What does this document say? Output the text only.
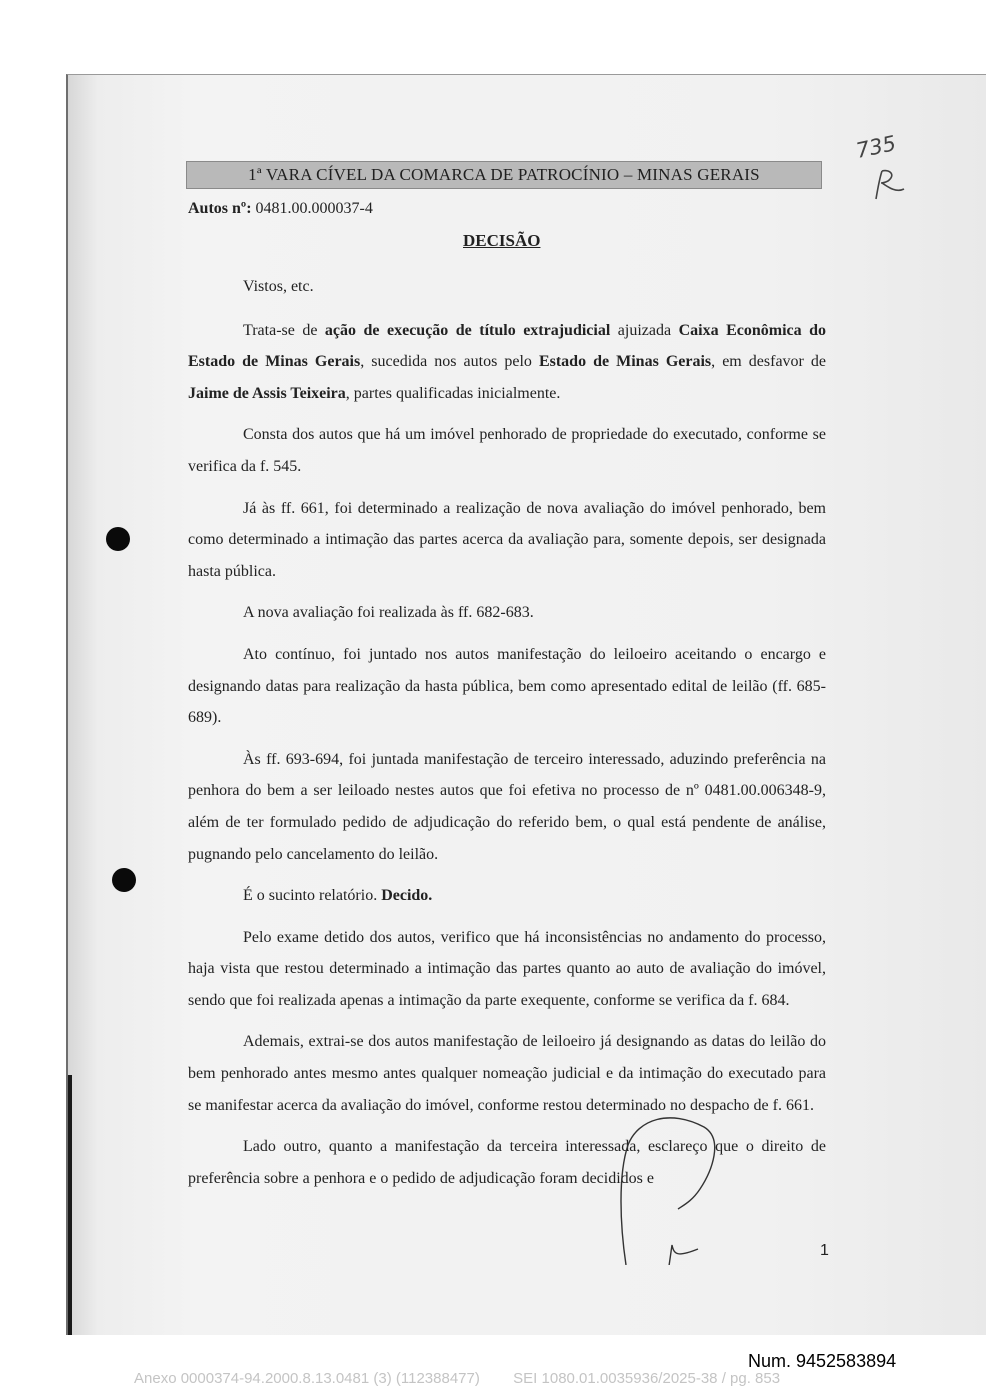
735
1ª VARA CÍVEL DA COMARCA DE PATROCÍNIO – MINAS GERAIS
Autos nº: 0481.00.000037-4
DECISÃO

Vistos, etc.

Trata-se de ação de execução de título extrajudicial ajuizada Caixa Econômica do Estado de Minas Gerais, sucedida nos autos pelo Estado de Minas Gerais, em desfavor de Jaime de Assis Teixeira, partes qualificadas inicialmente.

Consta dos autos que há um imóvel penhorado de propriedade do executado, conforme se verifica da f. 545.

Já às ff. 661, foi determinado a realização de nova avaliação do imóvel penhorado, bem como determinado a intimação das partes acerca da avaliação para, somente depois, ser designada hasta pública.

A nova avaliação foi realizada às ff. 682-683.

Ato contínuo, foi juntado nos autos manifestação do leiloeiro aceitando o encargo e designando datas para realização da hasta pública, bem como apresentado edital de leilão (ff. 685-689).

Às ff. 693-694, foi juntada manifestação de terceiro interessado, aduzindo preferência na penhora do bem a ser leiloado nestes autos que foi efetiva no processo de nº 0481.00.006348-9, além de ter formulado pedido de adjudicação do referido bem, o qual está pendente de análise, pugnando pelo cancelamento do leilão.

É o sucinto relatório. Decido.

Pelo exame detido dos autos, verifico que há inconsistências no andamento do processo, haja vista que restou determinado a intimação das partes quanto ao auto de avaliação do imóvel, sendo que foi realizada apenas a intimação da parte exequente, conforme se verifica da f. 684.

Ademais, extrai-se dos autos manifestação de leiloeiro já designando as datas do leilão do bem penhorado antes mesmo antes qualquer nomeação judicial e da intimação do executado para se manifestar acerca da avaliação do imóvel, conforme restou determinado no despacho de f. 661.

Lado outro, quanto a manifestação da terceira interessada, esclareço que o direito de preferência sobre a penhora e o pedido de adjudicação foram decididos e

1
Num. 9452583894
Anexo 0000374-94.2000.8.13.0481 (3) (112388477)        SEI 1080.01.0035936/2025-38 / pg. 853
